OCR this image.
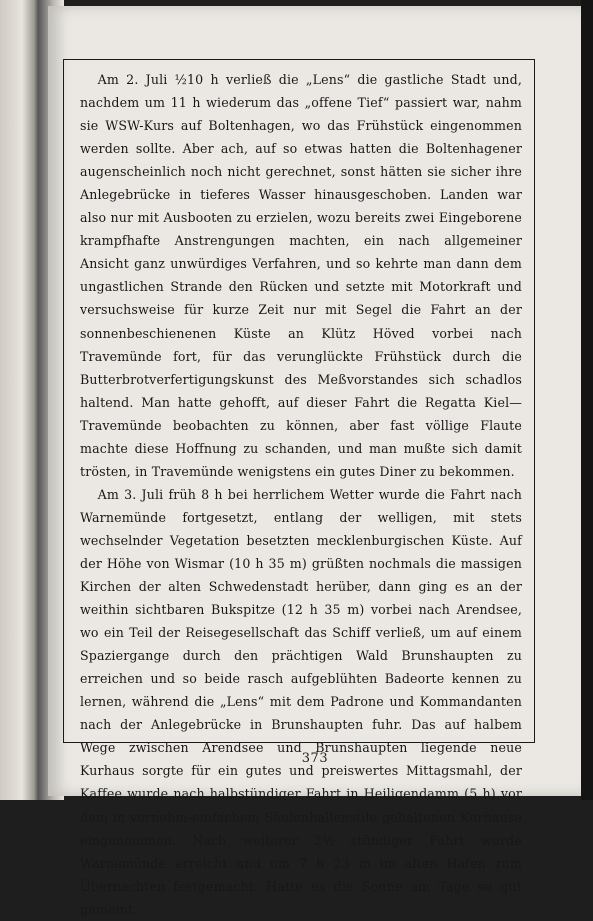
Am 2. Juli ½10 h verließ die „Lens“ die gastliche Stadt und, nachdem um 11 h wiederum das „offene Tief“ passiert war, nahm sie WSW-Kurs auf Boltenhagen, wo das Frühstück eingenommen werden sollte. Aber ach, auf so etwas hatten die Boltenhagener augenscheinlich noch nicht gerechnet, sonst hätten sie sicher ihre Anlegebrücke in tieferes Wasser hinausgeschoben. Landen war also nur mit Ausbooten zu erzielen, wozu bereits zwei Eingeborene krampfhafte Anstrengungen machten, ein nach allgemeiner Ansicht ganz unwürdiges Verfahren, und so kehrte man dann dem ungastlichen Strande den Rücken und setzte mit Motorkraft und versuchsweise für kurze Zeit nur mit Segel die Fahrt an der sonnenbeschienenen Küste an Klütz Höved vorbei nach Travemünde fort, für das verunglückte Frühstück durch die Butterbrotverfertigungskunst des Meßvorstandes sich schadlos haltend. Man hatte gehofft, auf dieser Fahrt die Regatta Kiel—Travemünde beobachten zu können, aber fast völlige Flaute machte diese Hoffnung zu schanden, und man mußte sich damit trösten, in Travemünde wenigstens ein gutes Diner zu bekommen.

Am 3. Juli früh 8 h bei herrlichem Wetter wurde die Fahrt nach Warnemünde fortgesetzt, entlang der welligen, mit stets wechselnder Vegetation besetzten mecklenburgischen Küste. Auf der Höhe von Wismar (10 h 35 m) grüßten nochmals die massigen Kirchen der alten Schwedenstadt herüber, dann ging es an der weithin sichtbaren Bukspitze (12 h 35 m) vorbei nach Arendsee, wo ein Teil der Reisegesellschaft das Schiff verließ, um auf einem Spaziergange durch den prächtigen Wald Brunshaupten zu erreichen und so beide rasch aufgeblühten Badeorte kennen zu lernen, während die „Lens“ mit dem Padrone und Kommandanten nach der Anlegebrücke in Brunshaupten fuhr. Das auf halbem Wege zwischen Arendsee und Brunshaupten liegende neue Kurhaus sorgte für ein gutes und preiswertes Mittagsmahl, der Kaffee wurde nach halbstündiger Fahrt in Heiligendamm (5 h) vor dem in vornehm-einfachem Säulenhallenstile gehaltenen Kurhause eingenommen. Nach weiterer 2½ stündiger Fahrt wurde Warnemünde erreicht und um 7 h 23 m im alten Hafen zum Übernachten festgemacht. Hatte es die Sonne am Tage so gut gemeint,

373
